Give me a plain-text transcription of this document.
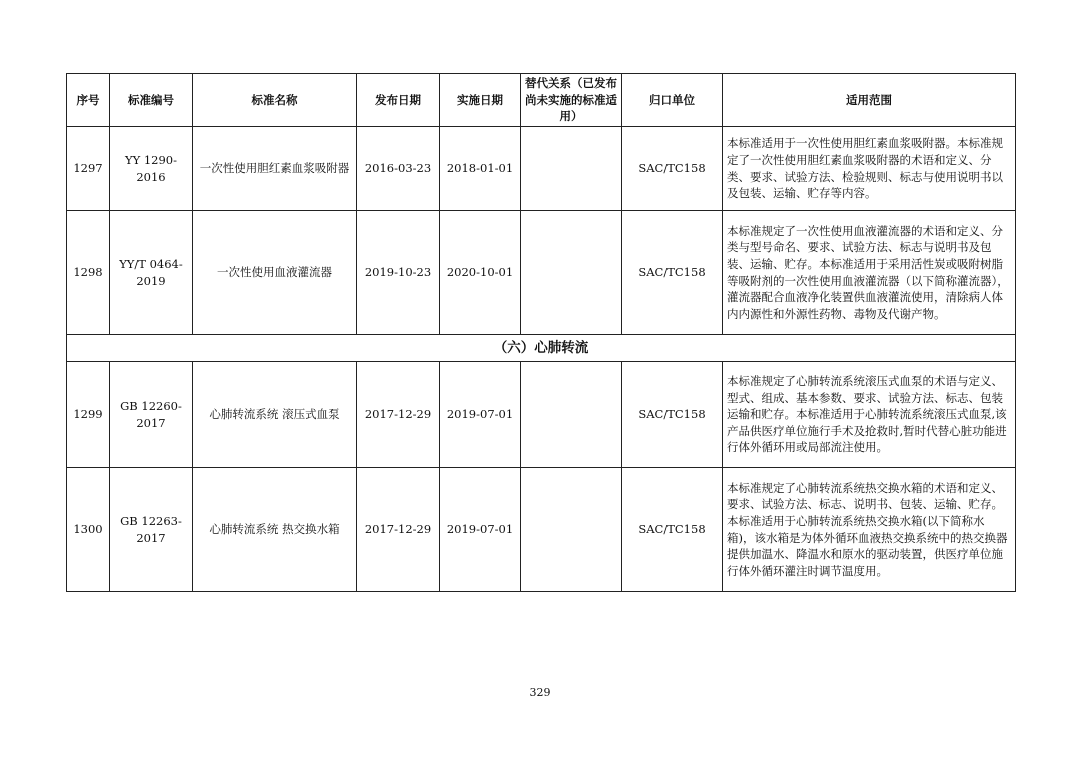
序号	标准编号	标准名称	发布日期	实施日期	替代关系（已发布尚未实施的标准适用）	归口单位	适用范围
1297	YY 1290-2016	一次性使用胆红素血浆吸附器	2016-03-23	2018-01-01		SAC/TC158	本标准适用于一次性使用胆红素血浆吸附器。本标准规定了一次性使用胆红素血浆吸附器的术语和定义、分类、要求、试验方法、检验规则、标志与使用说明书以及包装、运输、贮存等内容。
1298	YY/T 0464-2019	一次性使用血液灌流器	2019-10-23	2020-10-01		SAC/TC158	本标准规定了一次性使用血液灌流器的术语和定义、分类与型号命名、要求、试验方法、标志与说明书及包装、运输、贮存。本标准适用于采用活性炭或吸附树脂等吸附剂的一次性使用血液灌流器（以下简称灌流器），灌流器配合血液净化装置供血液灌流使用，清除病人体内内源性和外源性药物、毒物及代谢产物。
（六）心肺转流							
1299	GB 12260-2017	心肺转流系统 滚压式血泵	2017-12-29	2019-07-01		SAC/TC158	本标准规定了心肺转流系统滚压式血泵的术语与定义、型式、组成、基本参数、要求、试验方法、标志、包装运输和贮存。本标准适用于心肺转流系统滚压式血泵,该产品供医疗单位施行手术及抢救时,暂时代替心脏功能进行体外循环用或局部流注使用。
1300	GB 12263-2017	心肺转流系统 热交换水箱	2017-12-29	2019-07-01		SAC/TC158	本标准规定了心肺转流系统热交换水箱的术语和定义、要求、试验方法、标志、说明书、包装、运输、贮存。本标准适用于心肺转流系统热交换水箱(以下简称水箱)，该水箱是为体外循环血液热交换系统中的热交换器提供加温水、降温水和原水的驱动装置，供医疗单位施行体外循环灌注时调节温度用。
329
